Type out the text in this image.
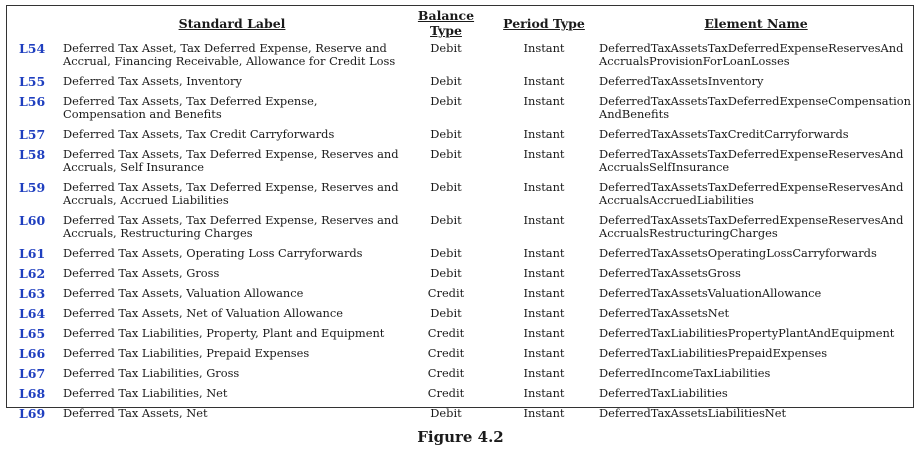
	Standard Label	Balance Type	Period Type	Element Name
L54	Deferred Tax Asset, Tax Deferred Expense, Reserve and Accrual, Financing Receivable, Allowance for Credit Loss	Debit	Instant	DeferredTaxAssetsTaxDeferredExpenseReservesAndAccrualsProvisionForLoanLosses
L55	Deferred Tax Assets, Inventory	Debit	Instant	DeferredTaxAssetsInventory
L56	Deferred Tax Assets, Tax Deferred Expense, Compensation and Benefits	Debit	Instant	DeferredTaxAssetsTaxDeferredExpenseCompensationAndBenefits
L57	Deferred Tax Assets, Tax Credit Carryforwards	Debit	Instant	DeferredTaxAssetsTaxCreditCarryforwards
L58	Deferred Tax Assets, Tax Deferred Expense, Reserves and Accruals, Self Insurance	Debit	Instant	DeferredTaxAssetsTaxDeferredExpenseReservesAndAccrualsSelfInsurance
L59	Deferred Tax Assets, Tax Deferred Expense, Reserves and Accruals, Accrued Liabilities	Debit	Instant	DeferredTaxAssetsTaxDeferredExpenseReservesAndAccrualsAccruedLiabilities
L60	Deferred Tax Assets, Tax Deferred Expense, Reserves and Accruals, Restructuring Charges	Debit	Instant	DeferredTaxAssetsTaxDeferredExpenseReservesAndAccrualsRestructuringCharges
L61	Deferred Tax Assets, Operating Loss Carryforwards	Debit	Instant	DeferredTaxAssetsOperatingLossCarryforwards
L62	Deferred Tax Assets, Gross	Debit	Instant	DeferredTaxAssetsGross
L63	Deferred Tax Assets, Valuation Allowance	Credit	Instant	DeferredTaxAssetsValuationAllowance
L64	Deferred Tax Assets, Net of Valuation Allowance	Debit	Instant	DeferredTaxAssetsNet
L65	Deferred Tax Liabilities, Property, Plant and Equipment	Credit	Instant	DeferredTaxLiabilitiesPropertyPlantAndEquipment
L66	Deferred Tax Liabilities, Prepaid Expenses	Credit	Instant	DeferredTaxLiabilitiesPrepaidExpenses
L67	Deferred Tax Liabilities, Gross	Credit	Instant	DeferredIncomeTaxLiabilities
L68	Deferred Tax Liabilities, Net	Credit	Instant	DeferredTaxLiabilities
L69	Deferred Tax Assets, Net	Debit	Instant	DeferredTaxAssetsLiabilitiesNet
Figure 4.2
